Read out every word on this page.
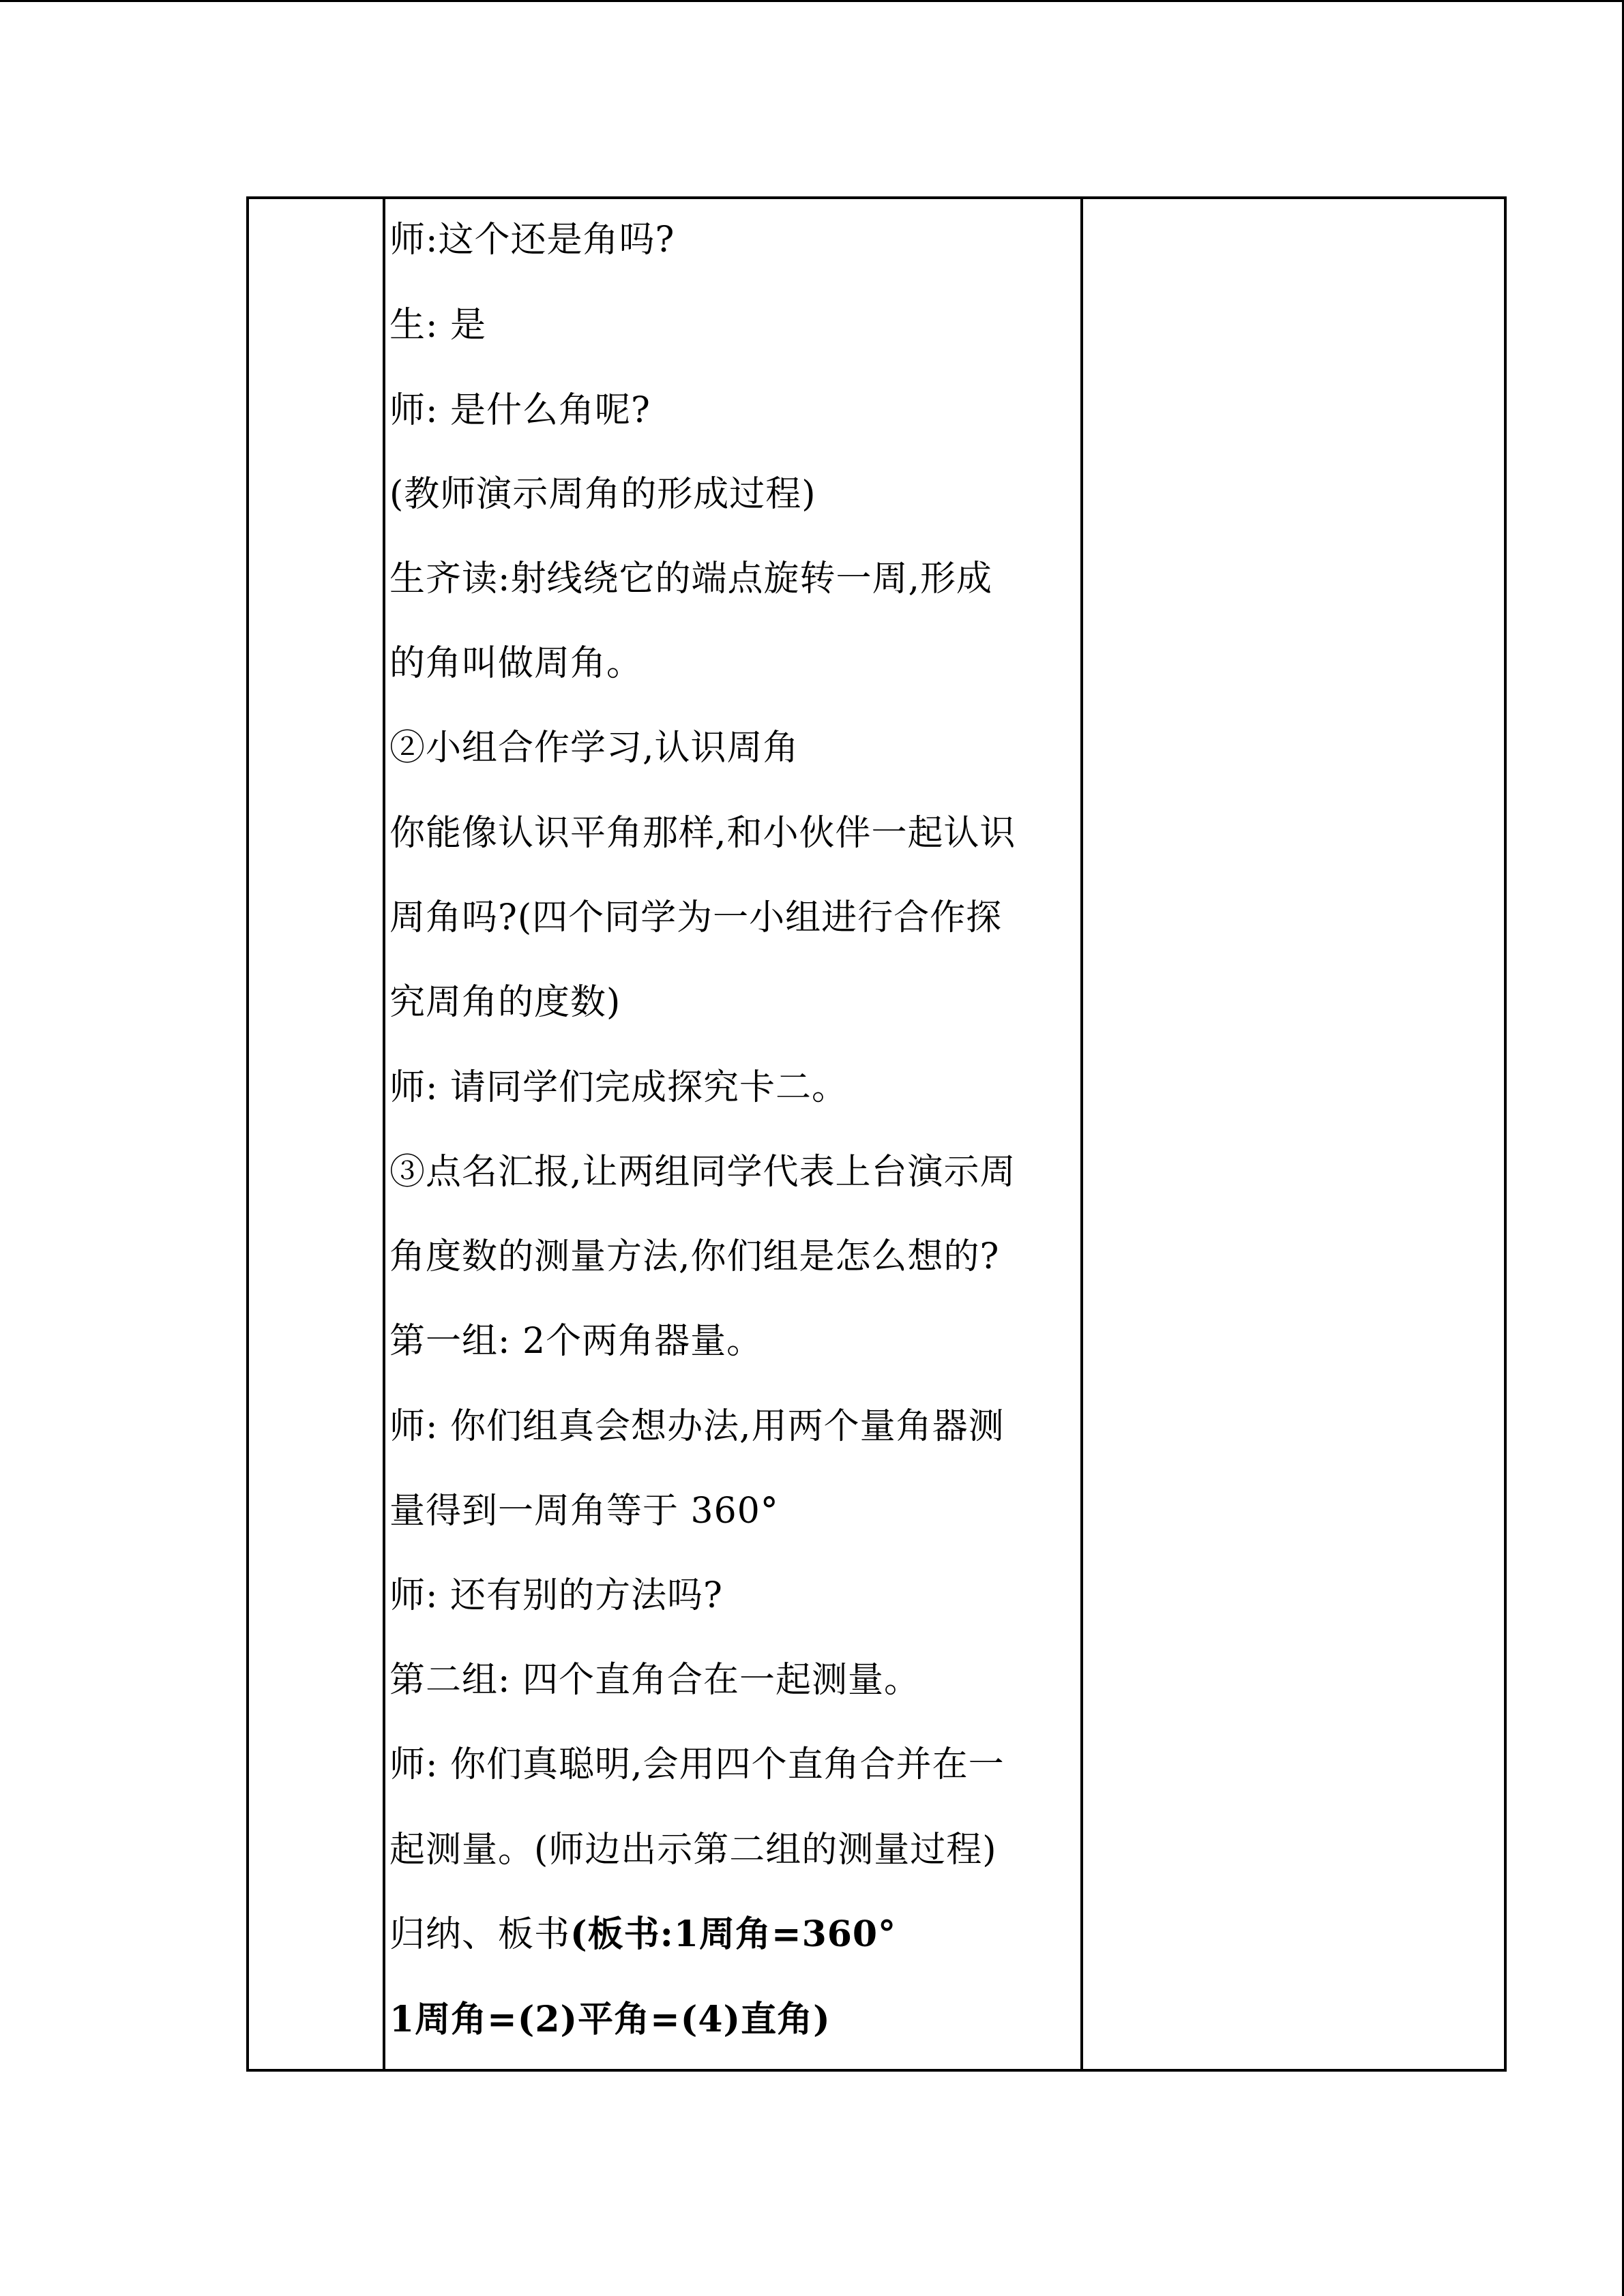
师:这个还是角吗?
生: 是
师: 是什么角呢?
(教师演示周角的形成过程)
生齐读:射线绕它的端点旋转一周,形成
的角叫做周角。
②小组合作学习,认识周角
你能像认识平角那样,和小伙伴一起认识
周角吗?(四个同学为一小组进行合作探
究周角的度数)
师: 请同学们完成探究卡二。
③点名汇报,让两组同学代表上台演示周
角度数的测量方法,你们组是怎么想的?
第一组: 2个两角器量。
师: 你们组真会想办法,用两个量角器测
量得到一周角等于 360°
师: 还有别的方法吗?
第二组: 四个直角合在一起测量。
师: 你们真聪明,会用四个直角合并在一
起测量。(师边出示第二组的测量过程)
归纳、板书(板书:1周角=360°
1周角=(2)平角=(4)直角)
